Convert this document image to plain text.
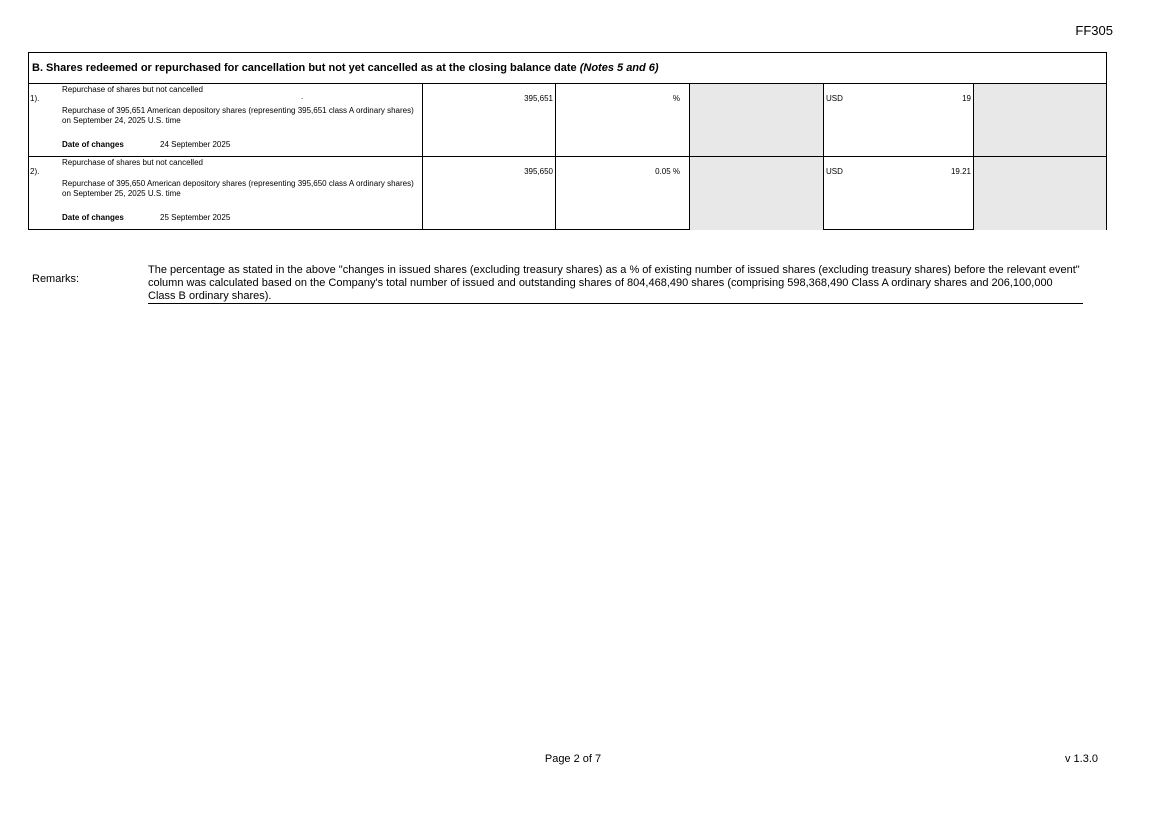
FF305
B. Shares redeemed or repurchased for cancellation but not yet cancelled as at the closing balance date (Notes 5 and 6)
1).
Repurchase of shares but not cancelled
.
Repurchase of 395,651 American depository shares (representing 395,651 class A ordinary shares) on September 24, 2025 U.S. time
Date of changes	24 September 2025
395,651	%	USD	19
2).
Repurchase of shares but not cancelled
Repurchase of 395,650 American depository shares (representing 395,650 class A ordinary shares) on September 25, 2025 U.S. time
Date of changes	25 September 2025
395,650	0.05 %	USD	19.21
Remarks:
The percentage as stated in the above "changes in issued shares (excluding treasury shares) as a % of existing number of issued shares (excluding treasury shares) before the relevant event" column was calculated based on the Company's total number of issued and outstanding shares of 804,468,490 shares (comprising 598,368,490 Class A ordinary shares and 206,100,000 Class B ordinary shares).
Page 2 of 7	v 1.3.0
